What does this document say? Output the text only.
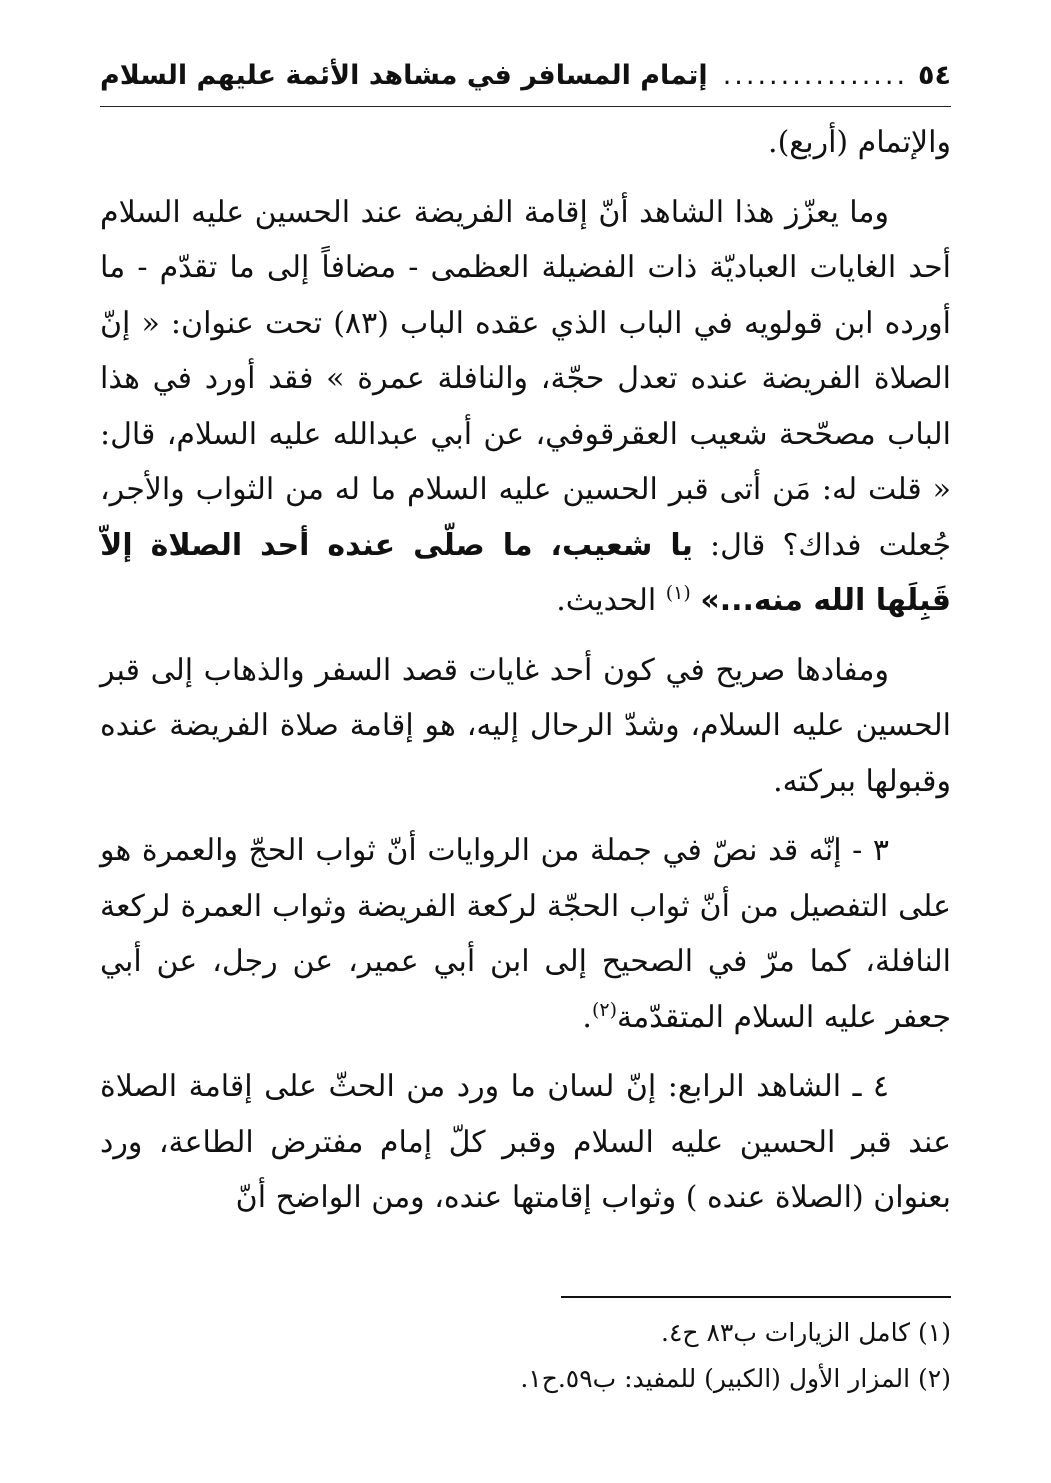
٥٤
.....
إتمام المسافر في مشاهد الأئمة عليهم السلام

والإتمام (أربع).

وما يعزّز هذا الشاهد أنّ إقامة الفريضة عند الحسين عليه السلام أحد الغايات العباديّة ذات الفضيلة العظمى - مضافاً إلى ما تقدّم - ما أورده ابن قولويه في الباب الذي عقده الباب (٨٣) تحت عنوان: « إنّ الصلاة الفريضة عنده تعدل حجّة، والنافلة عمرة » فقد أورد في هذا الباب مصحّحة شعيب العقرقوفي، عن أبي عبدالله عليه السلام، قال: « قلت له: مَن أتى قبر الحسين عليه السلام ما له من الثواب والأجر، جُعلت فداك؟ قال: يا شعيب، ما صلّى عنده أحد الصلاة إلاّ قَبِلَها الله منه...» $^{(١)}$ الحديث.

ومفادها صريح في كون أحد غايات قصد السفر والذهاب إلى قبر الحسين عليه السلام، وشدّ الرحال إليه، هو إقامة صلاة الفريضة عنده وقبولها ببركته.

٣ - إنّه قد نصّ في جملة من الروايات أنّ ثواب الحجّ والعمرة هو على التفصيل من أنّ ثواب الحجّة لركعة الفريضة وثواب العمرة لركعة النافلة، كما مرّ في الصحيح إلى ابن أبي عمير، عن رجل، عن أبي جعفر عليه السلام المتقدّمة$^{(٢)}$.

٤ ـ الشاهد الرابع: إنّ لسان ما ورد من الحثّ على إقامة الصلاة عند قبر الحسين عليه السلام وقبر كلّ إمام مفترض الطاعة، ورد بعنوان (الصلاة عنده ) وثواب إقامتها عنده، ومن الواضح أنّ

(١) كامل الزيارات ب٨٣ ح٤.

(٢) المزار الأول (الكبير) للمفيد: ب٥٩.ح١.
